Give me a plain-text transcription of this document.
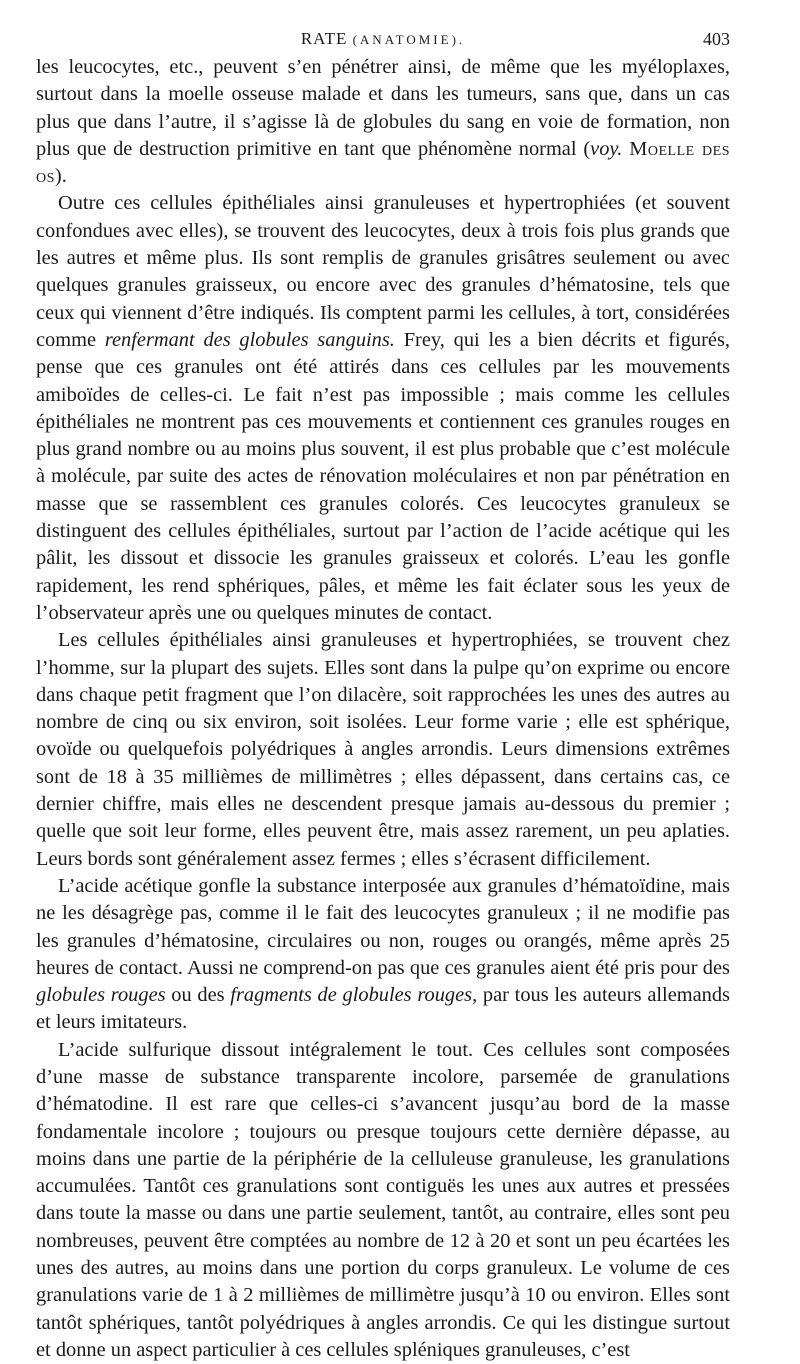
RATE (ANATOMIE).	403

les leucocytes, etc., peuvent s’en pénétrer ainsi, de même que les myéloplaxes, surtout dans la moelle osseuse malade et dans les tumeurs, sans que, dans un cas plus que dans l’autre, il s’agisse là de globules du sang en voie de formation, non plus que de destruction primitive en tant que phénomène normal (voy. Moelle des os).

Outre ces cellules épithéliales ainsi granuleuses et hypertrophiées (et souvent confondues avec elles), se trouvent des leucocytes, deux à trois fois plus grands que les autres et même plus. Ils sont remplis de granules grisâtres seulement ou avec quelques granules graisseux, ou encore avec des granules d’hématosine, tels que ceux qui viennent d’être indiqués. Ils comptent parmi les cellules, à tort, considérées comme renfermant des globules sanguins. Frey, qui les a bien décrits et figurés, pense que ces granules ont été attirés dans ces cellules par les mouvements amiboïdes de celles-ci. Le fait n’est pas impossible ; mais comme les cellules épithéliales ne montrent pas ces mouvements et contiennent ces granules rouges en plus grand nombre ou au moins plus souvent, il est plus probable que c’est molécule à molécule, par suite des actes de rénovation moléculaires et non par pénétration en masse que se rassemblent ces granules colorés. Ces leucocytes granuleux se distinguent des cellules épithéliales, surtout par l’action de l’acide acétique qui les pâlit, les dissout et dissocie les granules graisseux et colorés. L’eau les gonfle rapidement, les rend sphériques, pâles, et même les fait éclater sous les yeux de l’observateur après une ou quelques minutes de contact.

Les cellules épithéliales ainsi granuleuses et hypertrophiées, se trouvent chez l’homme, sur la plupart des sujets. Elles sont dans la pulpe qu’on exprime ou encore dans chaque petit fragment que l’on dilacère, soit rapprochées les unes des autres au nombre de cinq ou six environ, soit isolées. Leur forme varie ; elle est sphérique, ovoïde ou quelquefois polyédriques à angles arrondis. Leurs dimensions extrêmes sont de 18 à 35 millièmes de millimètres ; elles dépassent, dans certains cas, ce dernier chiffre, mais elles ne descendent presque jamais au-dessous du premier ; quelle que soit leur forme, elles peuvent être, mais assez rarement, un peu aplaties. Leurs bords sont généralement assez fermes ; elles s’écrasent difficilement.

L’acide acétique gonfle la substance interposée aux granules d’hématoïdine, mais ne les désagrège pas, comme il le fait des leucocytes granuleux ; il ne modifie pas les granules d’hématosine, circulaires ou non, rouges ou orangés, même après 25 heures de contact. Aussi ne comprend-on pas que ces granules aient été pris pour des globules rouges ou des fragments de globules rouges, par tous les auteurs allemands et leurs imitateurs.

L’acide sulfurique dissout intégralement le tout. Ces cellules sont composées d’une masse de substance transparente incolore, parsemée de granulations d’hématodine. Il est rare que celles-ci s’avancent jusqu’au bord de la masse fondamentale incolore ; toujours ou presque toujours cette dernière dépasse, au moins dans une partie de la périphérie de la celluleuse granuleuse, les granulations accumulées. Tantôt ces granulations sont contiguës les unes aux autres et pressées dans toute la masse ou dans une partie seulement, tantôt, au contraire, elles sont peu nombreuses, peuvent être comptées au nombre de 12 à 20 et sont un peu écartées les unes des autres, au moins dans une portion du corps granuleux. Le volume de ces granulations varie de 1 à 2 millièmes de millimètre jusqu’à 10 ou environ. Elles sont tantôt sphériques, tantôt polyédriques à angles arrondis. Ce qui les distingue surtout et donne un aspect particulier à ces cellules spléniques granuleuses, c’est
